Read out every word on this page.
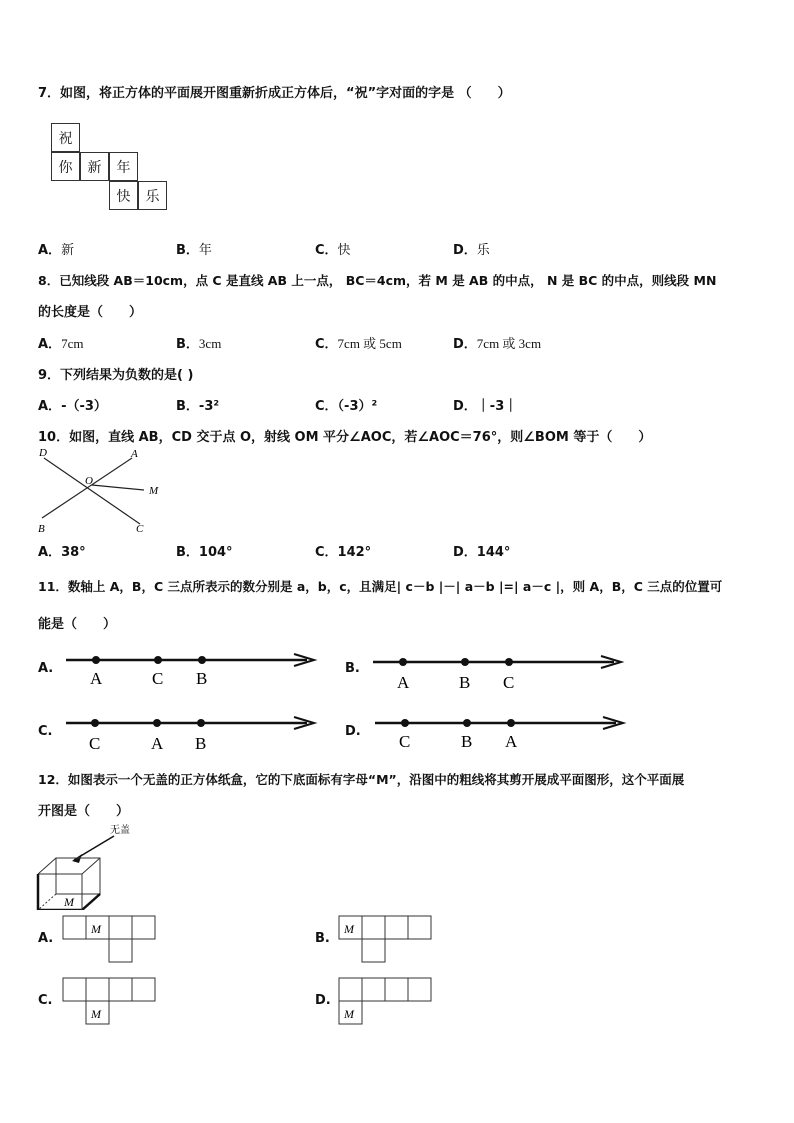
7．如图，将正方体的平面展开图重新折成正方体后，“祝”字对面的字是 （　　）
祝
你	新	年
快	乐
A．新	B．年	C．快	D．乐
8．已知线段 AB＝10cm，点 C 是直线 AB 上一点， BC＝4cm，若 M 是 AB 的中点， N 是 BC 的中点，则线段 MN
的长度是（　　）
A．7cm	B．3cm	C．7cm 或 5cm	D．7cm 或 3cm
9．下列结果为负数的是( )
A．-（-3）	B．-3²	C．（-3）²	D．｜-3｜
10．如图，直线 AB，CD 交于点 O，射线 OM 平分∠AOC，若∠AOC＝76°，则∠BOM 等于（　　）
D	A
O
M
B	C
A．38°	B．104°	C．142°	D．144°
11．数轴上 A，B，C 三点所表示的数分别是 a，b，c，且满足| c－b |－| a－b |=| a－c |，则 A，B，C 三点的位置可
能是（　　）
A.
A	C B
B.
A	B C
C.
C	A B
D.
C	B A
12．如图表示一个无盖的正方体纸盒，它的下底面标有字母“M”，沿图中的粗线将其剪开展成平面图形，这个平面展
开图是（　　）
无盖
M
A.
M
B.
M
C.
M
D.
M
